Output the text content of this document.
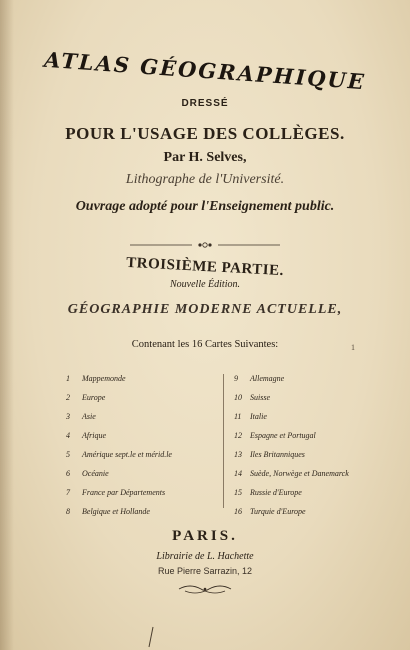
ATLAS GÉOGRAPHIQUE
DRESSÉ
POUR L'USAGE DES COLLÈGES.
Par H. Selves,
Lithographe de l'Université.
Ouvrage adopté pour l'Enseignement public.
TROISIÈME PARTIE.
Nouvelle Édition.
GÉOGRAPHIE MODERNE ACTUELLE,
Contenant les 16 Cartes Suivantes:	1
1	Mappemonde
2	Europe
3	Asie
4	Afrique
5	Amérique sept.le et mérid.le
6	Océanie
7	France par Départements
8	Belgique et Hollande
9	Allemagne
10	Suisse
11	Italie
12	Espagne et Portugal
13	Iles Britanniques
14	Suède, Norwège et Danemarck
15	Russie d'Europe
16	Turquie d'Europe
PARIS.
Librairie de L. Hachette
Rue Pierre Sarrazin, 12
